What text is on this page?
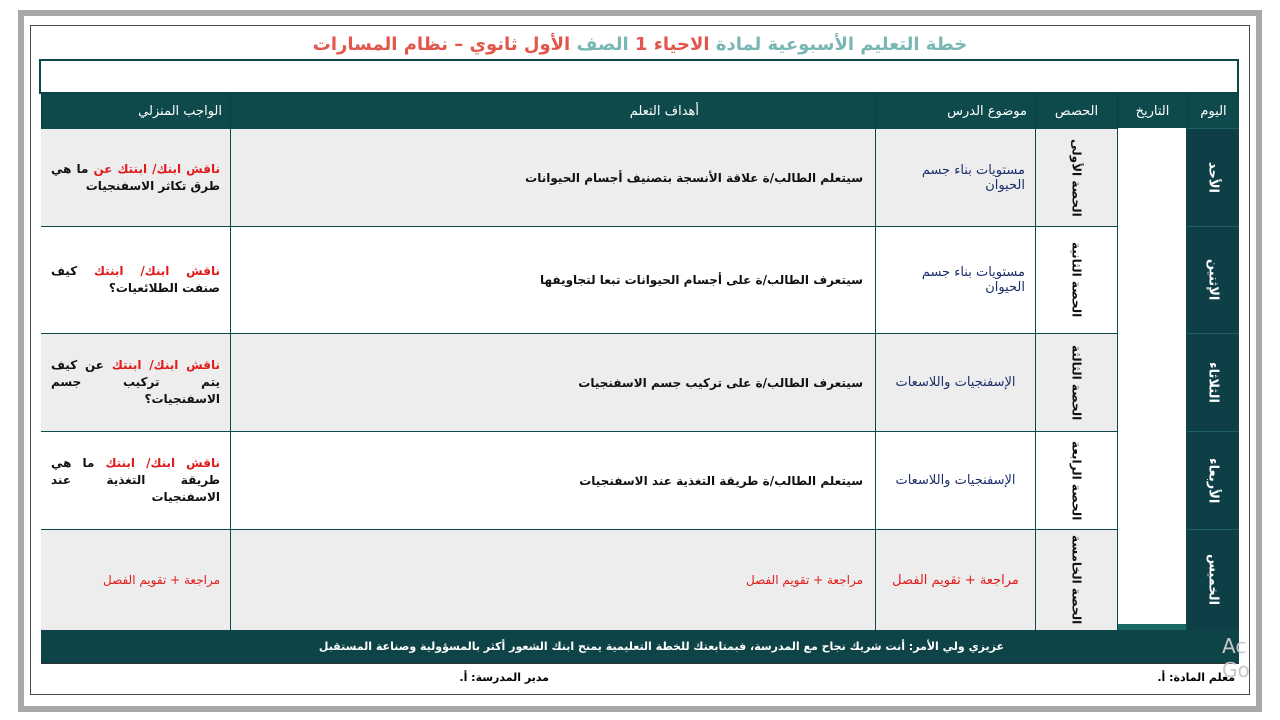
خطة التعليم الأسبوعية لمادة الاحياء 1 الصف الأول ثانوي – نظام المسارات
اليوم
التاريخ
الحصص
موضوع الدرس
أهداف التعلم
الواجب المنزلي
الأحد
الحصة الأولى
مستويات بناء جسم الحيوان
سيتعلم الطالب/ة علاقة الأنسجة بتصنيف أجسام الحيوانات
ناقش ابنك/ ابنتك عن ما هي طرق تكاثر الاسفنجيات
الإثنين
الحصة الثانية
مستويات بناء جسم الحيوان
سيتعرف الطالب/ة على أجسام الحيوانات تبعا لتجاويفها
ناقش ابنك/ ابنتك كيف صنفت الطلائعيات؟
الثلاثاء
الحصة الثالثة
الإسفنجيات واللاسعات
سيتعرف الطالب/ة على تركيب جسم الاسفنجيات
ناقش ابنك/ ابنتك عن كيف يتم تركيب جسم الاسفنجيات؟
الأربعاء
الحصة الرابعة
الإسفنجيات واللاسعات
سيتعلم الطالب/ة طريقة التغذية عند الاسفنجيات
ناقش ابنك/ ابنتك ما هي طريقة التغذية عند الاسفنجيات
الخميس
الحصة الخامسة
مراجعة + تقويم الفصل
مراجعة + تقويم الفصل
مراجعة + تقويم الفصل
عزيزي ولي الأمر: أنت شريك نجاح مع المدرسة، فبمتابعتك للخطة التعليمية يمنح ابنك الشعور أكثر بالمسؤولية وصناعة المستقبل
معلم المادة: أ.
مدير المدرسة: أ.
Ac
Go
